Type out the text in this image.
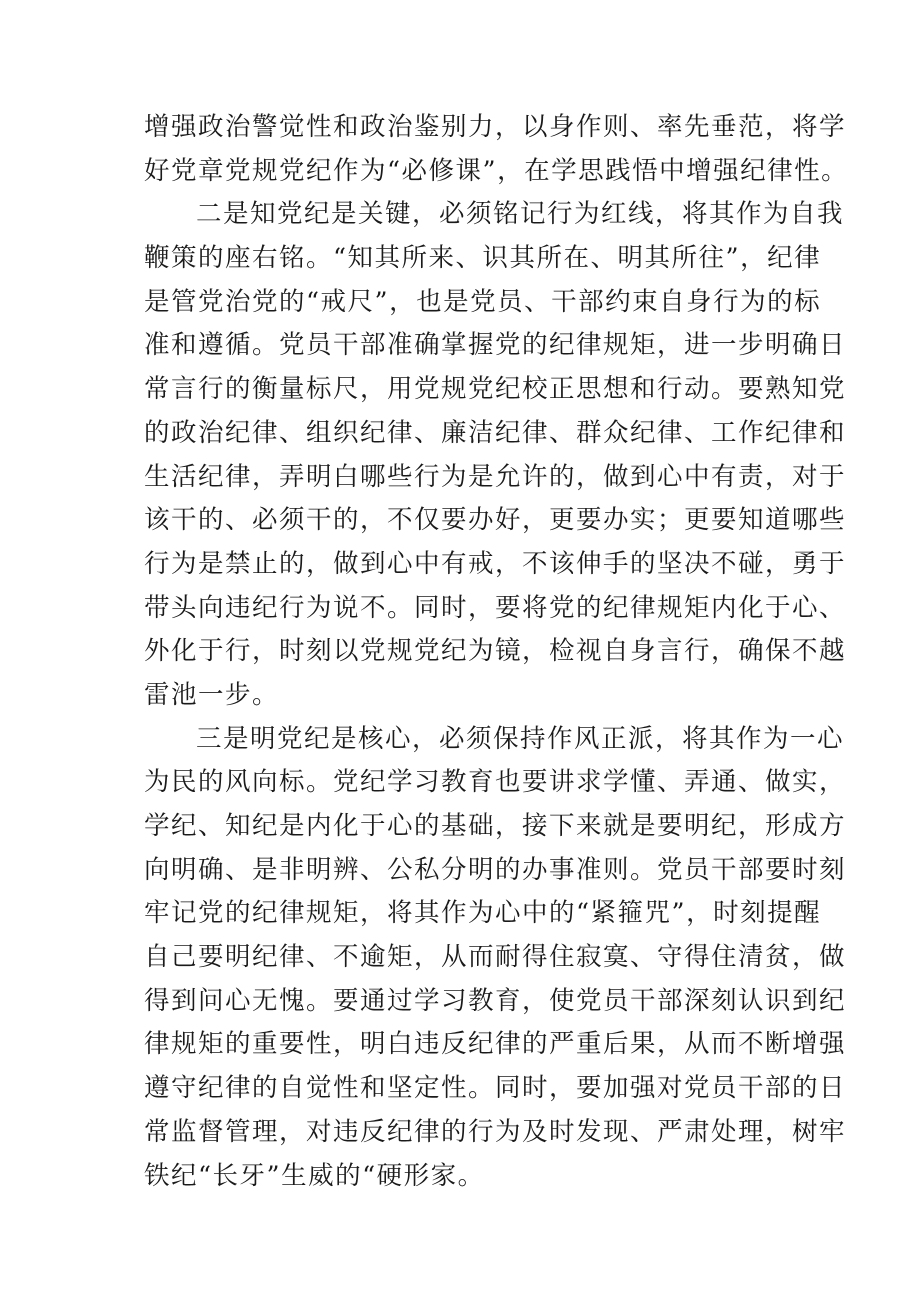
增强政治警觉性和政治鉴别力，以身作则、率先垂范，将学
好党章党规党纪作为“必修课”，在学思践悟中增强纪律性。
二是知党纪是关键，必须铭记行为红线，将其作为自我
鞭策的座右铭。“知其所来、识其所在、明其所往”，纪律
是管党治党的“戒尺”，也是党员、干部约束自身行为的标
准和遵循。党员干部准确掌握党的纪律规矩，进一步明确日
常言行的衡量标尺，用党规党纪校正思想和行动。要熟知党
的政治纪律、组织纪律、廉洁纪律、群众纪律、工作纪律和
生活纪律，弄明白哪些行为是允许的，做到心中有责，对于
该干的、必须干的，不仅要办好，更要办实；更要知道哪些
行为是禁止的，做到心中有戒，不该伸手的坚决不碰，勇于
带头向违纪行为说不。同时，要将党的纪律规矩内化于心、
外化于行，时刻以党规党纪为镜，检视自身言行，确保不越
雷池一步。
三是明党纪是核心，必须保持作风正派，将其作为一心
为民的风向标。党纪学习教育也要讲求学懂、弄通、做实，
学纪、知纪是内化于心的基础，接下来就是要明纪，形成方
向明确、是非明辨、公私分明的办事准则。党员干部要时刻
牢记党的纪律规矩，将其作为心中的“紧箍咒”，时刻提醒
自己要明纪律、不逾矩，从而耐得住寂寞、守得住清贫，做
得到问心无愧。要通过学习教育，使党员干部深刻认识到纪
律规矩的重要性，明白违反纪律的严重后果，从而不断增强
遵守纪律的自觉性和坚定性。同时，要加强对党员干部的日
常监督管理，对违反纪律的行为及时发现、严肃处理，树牢
铁纪“长牙”生威的“硬形家。
